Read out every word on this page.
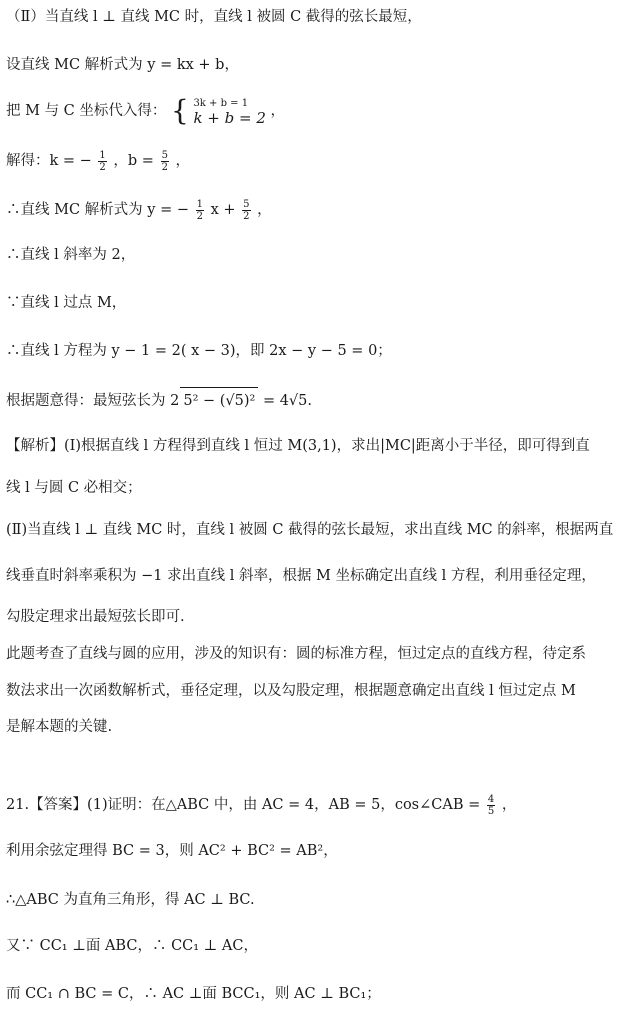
（Ⅱ）当直线 l ⊥ 直线 MC 时，直线 l 被圆 C 截得的弦长最短，
设直线 MC 解析式为 y = kx + b，
把 M 与 C 坐标代入得： { 3k + b = 1
k + b = 2 ，
解得：k = − $\frac{1}{2}$ ，$b = \frac{5}{2}$ ，
∴直线 MC 解析式为 y = − $\frac{1}{2}$ $x + \frac{5}{2}$ ，
∴直线 l 斜率为 2，
∵直线 l 过点 M，
∴直线 l 方程为 y − 1 = 2( x − 3)，即 2x − y − 5 = 0；
根据题意得：最短弦长为 2 5² − (√5)² = 4√5.
【解析】(Ⅰ)根据直线 l 方程得到直线 l 恒过 M(3,1)，求出|MC|距离小于半径，即可得到直
线 l 与圆 C 必相交；
(Ⅱ)当直线 l ⊥ 直线 MC 时，直线 l 被圆 C 截得的弦长最短，求出直线 MC 的斜率，根据两直
线垂直时斜率乘积为 −1 求出直线 l 斜率，根据 M 坐标确定出直线 l 方程，利用垂径定理，
勾股定理求出最短弦长即可.
此题考查了直线与圆的应用，涉及的知识有：圆的标准方程，恒过定点的直线方程，待定系
数法求出一次函数解析式，垂径定理，以及勾股定理，根据题意确定出直线 l 恒过定点 M
是解本题的关键.
21.【答案】(1)证明：在△ABC 中，由 AC = 4，AB = 5，cos∠CAB = $\frac{4}{5}$ ，
利用余弦定理得 BC = 3，则 AC² + BC² = AB²，
∴△ABC 为直角三角形，得 AC ⊥ BC.
又∵ CC₁ ⊥面 ABC，∴ CC₁ ⊥ AC，
而 CC₁ ∩ BC = C，∴ AC ⊥面 BCC₁，则 AC ⊥ BC₁；
